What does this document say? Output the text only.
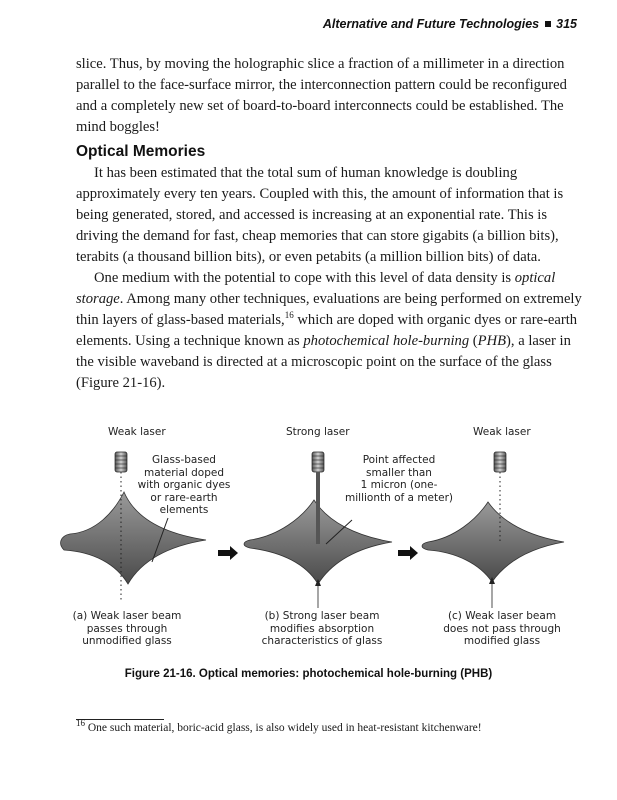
Alternative and Future Technologies 315

slice. Thus, by moving the holographic slice a fraction of a millimeter in a direction parallel to the face-surface mirror, the interconnection pattern could be reconfigured and a completely new set of board-to-board interconnects could be established. The mind boggles!

Optical Memories

It has been estimated that the total sum of human knowledge is doubling approximately every ten years. Coupled with this, the amount of information that is being generated, stored, and accessed is increasing at an exponential rate. This is driving the demand for fast, cheap memories that can store gigabits (a billion bits), terabits (a thousand billion bits), or even petabits (a million billion bits) of data.

One medium with the potential to cope with this level of data density is optical storage. Among many other techniques, evaluations are being performed on extremely thin layers of glass-based materials,$^{16}$ which are doped with organic dyes or rare-earth elements. Using a technique known as photochemical hole-burning (PHB), a laser in the visible waveband is directed at a microscopic point on the surface of the glass (Figure 21-16).

Weak laser	Strong laser	Weak laser
Glass-based
material doped
with organic dyes
or rare-earth
elements
Point affected
smaller than
1 micron (one-
millionth of a meter)
(a) Weak laser beam
passes through
unmodified glass
(b) Strong laser beam
modifies absorption
characteristics of glass
(c) Weak laser beam
does not pass through
modified glass
Figure 21-16. Optical memories: photochemical hole-burning (PHB)
$^{16}$ One such material, boric-acid glass, is also widely used in heat-resistant kitchenware!
